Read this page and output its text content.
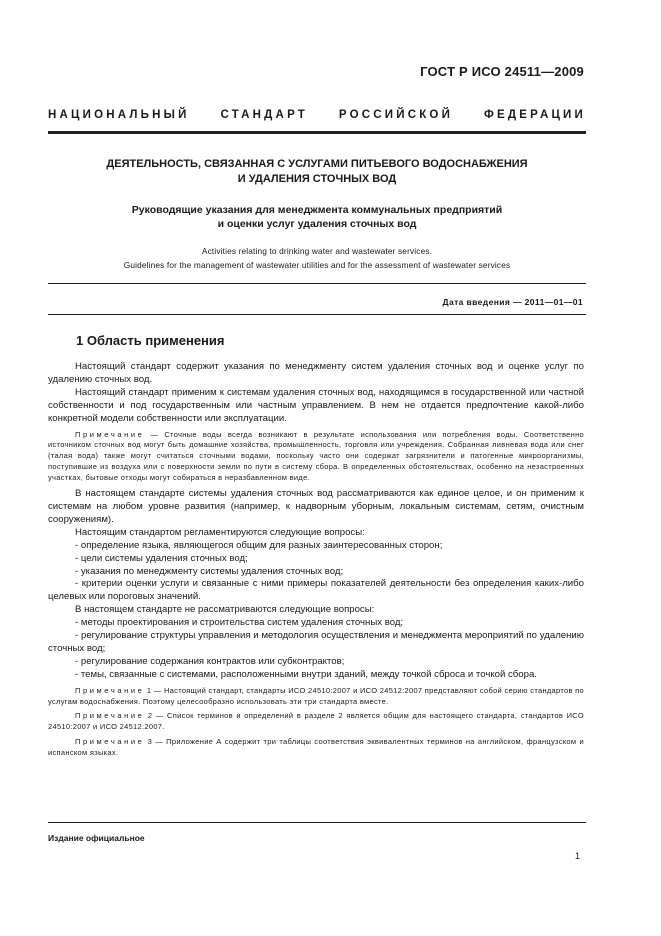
ГОСТ Р ИСО 24511—2009
НАЦИОНАЛЬНЫЙ	СТАНДАРТ	РОССИЙСКОЙ	ФЕДЕРАЦИИ
ДЕЯТЕЛЬНОСТЬ, СВЯЗАННАЯ С УСЛУГАМИ ПИТЬЕВОГО ВОДОСНАБЖЕНИЯ
И УДАЛЕНИЯ СТОЧНЫХ ВОД
Руководящие указания для менеджмента коммунальных предприятий
и оценки услуг удаления сточных вод
Activities relating to drinking water and wastewater services.
Guidelines for the management of wastewater utilities and for the assessment of wastewater services
Дата введения — 2011—01—01
1 Область применения

Настоящий стандарт содержит указания по менеджменту систем удаления сточных вод и оценке услуг по удалению сточных вод.

Настоящий стандарт применим к системам удаления сточных вод, находящимся в государственной или частной собственности и под государственным или частным управлением. В нем не отдается предпочтение какой-либо конкретной модели собственности или эксплуатации.

Примечание — Сточные воды всегда возникают в результате использования или потребления воды. Соответственно источником сточных вод могут быть домашние хозяйства, промышленность, торговля или учреждения. Собранная ливневая вода или снег (талая вода) также могут считаться сточными водами, поскольку часто они содержат загрязнители и патогенные микроорганизмы, поступившие из воздуха или с поверхности земли по пути в систему сбора. В определенных обстоятельствах, особенно на незастроенных участках, бытовые отходы могут собираться в неразбавленном виде.

В настоящем стандарте системы удаления сточных вод рассматриваются как единое целое, и он применим к системам на любом уровне развития (например, к надворным уборным, локальным системам, сетям, очистным сооружениям).

Настоящим стандартом регламентируются следующие вопросы:

- определение языка, являющегося общим для разных заинтересованных сторон;

- цели системы удаления сточных вод;

- указания по менеджменту системы удаления сточных вод;

- критерии оценки услуги и связанные с ними примеры показателей деятельности без определения каких-либо целевых или пороговых значений.

В настоящем стандарте не рассматриваются следующие вопросы:

- методы проектирования и строительства систем удаления сточных вод;

- регулирование структуры управления и методология осуществления и менеджмента мероприятий по удалению сточных вод;

- регулирование содержания контрактов или субконтрактов;

- темы, связанные с системами, расположенными внутри зданий, между точкой сброса и точкой сбора.

Примечание 1 — Настоящий стандарт, стандарты ИСО 24510:2007 и ИСО 24512:2007 представляют собой серию стандартов по услугам водоснабжения. Поэтому целесообразно использовать эти три стандарта вместе.

Примечание 2 — Список терминов и определений в разделе 2 является общим для настоящего стандарта, стандартов ИСО 24510:2007 и ИСО 24512:2007.

Примечание 3 — Приложение А содержит три таблицы соответствия эквивалентных терминов на английском, французском и испанском языках.

Издание официальное
1
